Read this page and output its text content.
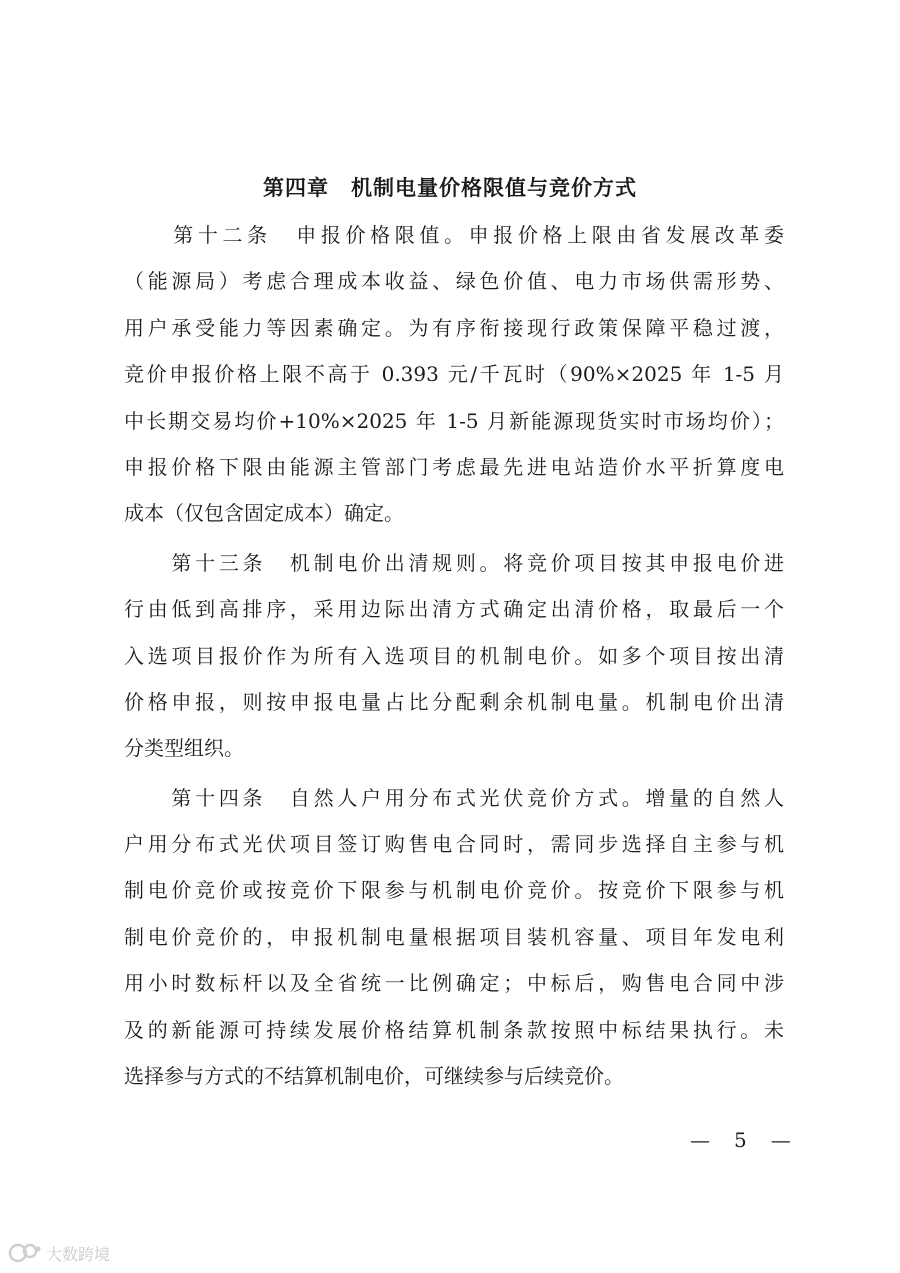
第四章　机制电量价格限值与竞价方式
　　第十二条　申报价格限值。申报价格上限由省发展改革委
（能源局）考虑合理成本收益、绿色价值、电力市场供需形势、
用户承受能力等因素确定。为有序衔接现行政策保障平稳过渡，
竞价申报价格上限不高于 0.393 元/千瓦时（90%×2025 年 1-5 月
中长期交易均价+10%×2025 年 1-5 月新能源现货实时市场均价）；
申报价格下限由能源主管部门考虑最先进电站造价水平折算度电
成本（仅包含固定成本）确定。
　　第十三条　机制电价出清规则。将竞价项目按其申报电价进
行由低到高排序，采用边际出清方式确定出清价格，取最后一个
入选项目报价作为所有入选项目的机制电价。如多个项目按出清
价格申报，则按申报电量占比分配剩余机制电量。机制电价出清
分类型组织。
　　第十四条　自然人户用分布式光伏竞价方式。增量的自然人
户用分布式光伏项目签订购售电合同时，需同步选择自主参与机
制电价竞价或按竞价下限参与机制电价竞价。按竞价下限参与机
制电价竞价的，申报机制电量根据项目装机容量、项目年发电利
用小时数标杆以及全省统一比例确定；中标后，购售电合同中涉
及的新能源可持续发展价格结算机制条款按照中标结果执行。未
选择参与方式的不结算机制电价，可继续参与后续竞价。
—　5　—
大数跨境
